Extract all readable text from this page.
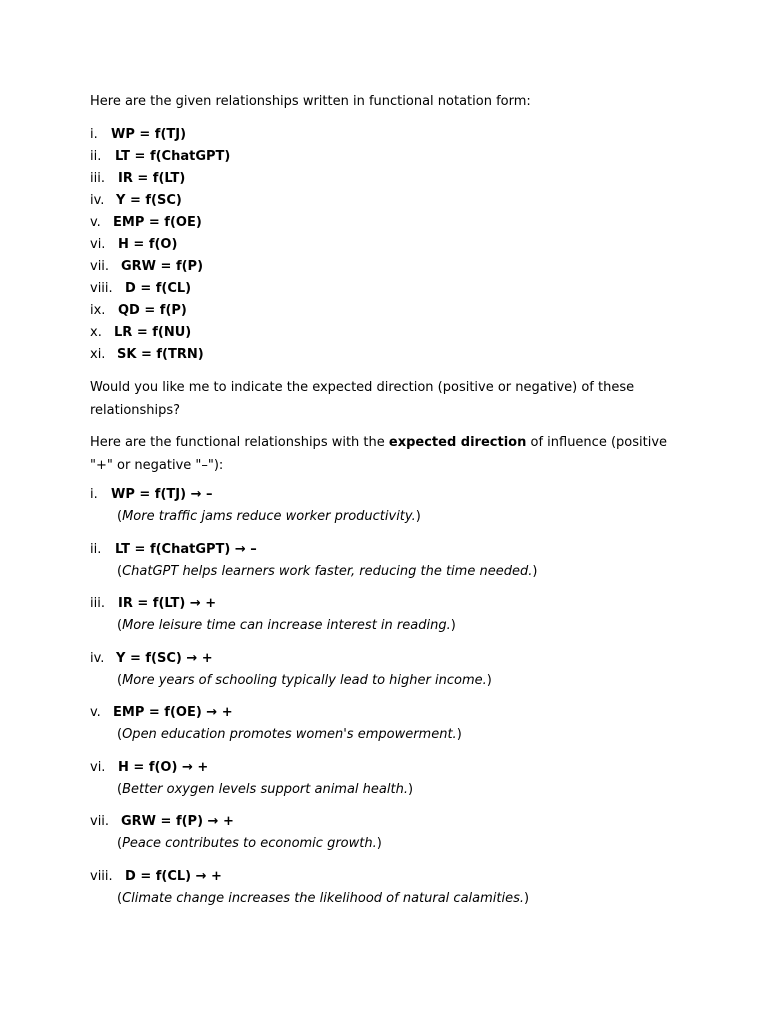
Here are the given relationships written in functional notation form:

i. WP = f(TJ)
ii. LT = f(ChatGPT)
iii. IR = f(LT)
iv. Y = f(SC)
v. EMP = f(OE)
vi. H = f(O)
vii. GRW = f(P)
viii. D = f(CL)
ix. QD = f(P)
x. LR = f(NU)
xi. SK = f(TRN)

Would you like me to indicate the expected direction (positive or negative) of these relationships?

Here are the functional relationships with the expected direction of influence (positive "+" or negative "–"):

i. WP = f(TJ) → –
(More traffic jams reduce worker productivity.)
ii. LT = f(ChatGPT) → –
(ChatGPT helps learners work faster, reducing the time needed.)
iii. IR = f(LT) → +
(More leisure time can increase interest in reading.)
iv. Y = f(SC) → +
(More years of schooling typically lead to higher income.)
v. EMP = f(OE) → +
(Open education promotes women's empowerment.)
vi. H = f(O) → +
(Better oxygen levels support animal health.)
vii. GRW = f(P) → +
(Peace contributes to economic growth.)
viii. D = f(CL) → +
(Climate change increases the likelihood of natural calamities.)
